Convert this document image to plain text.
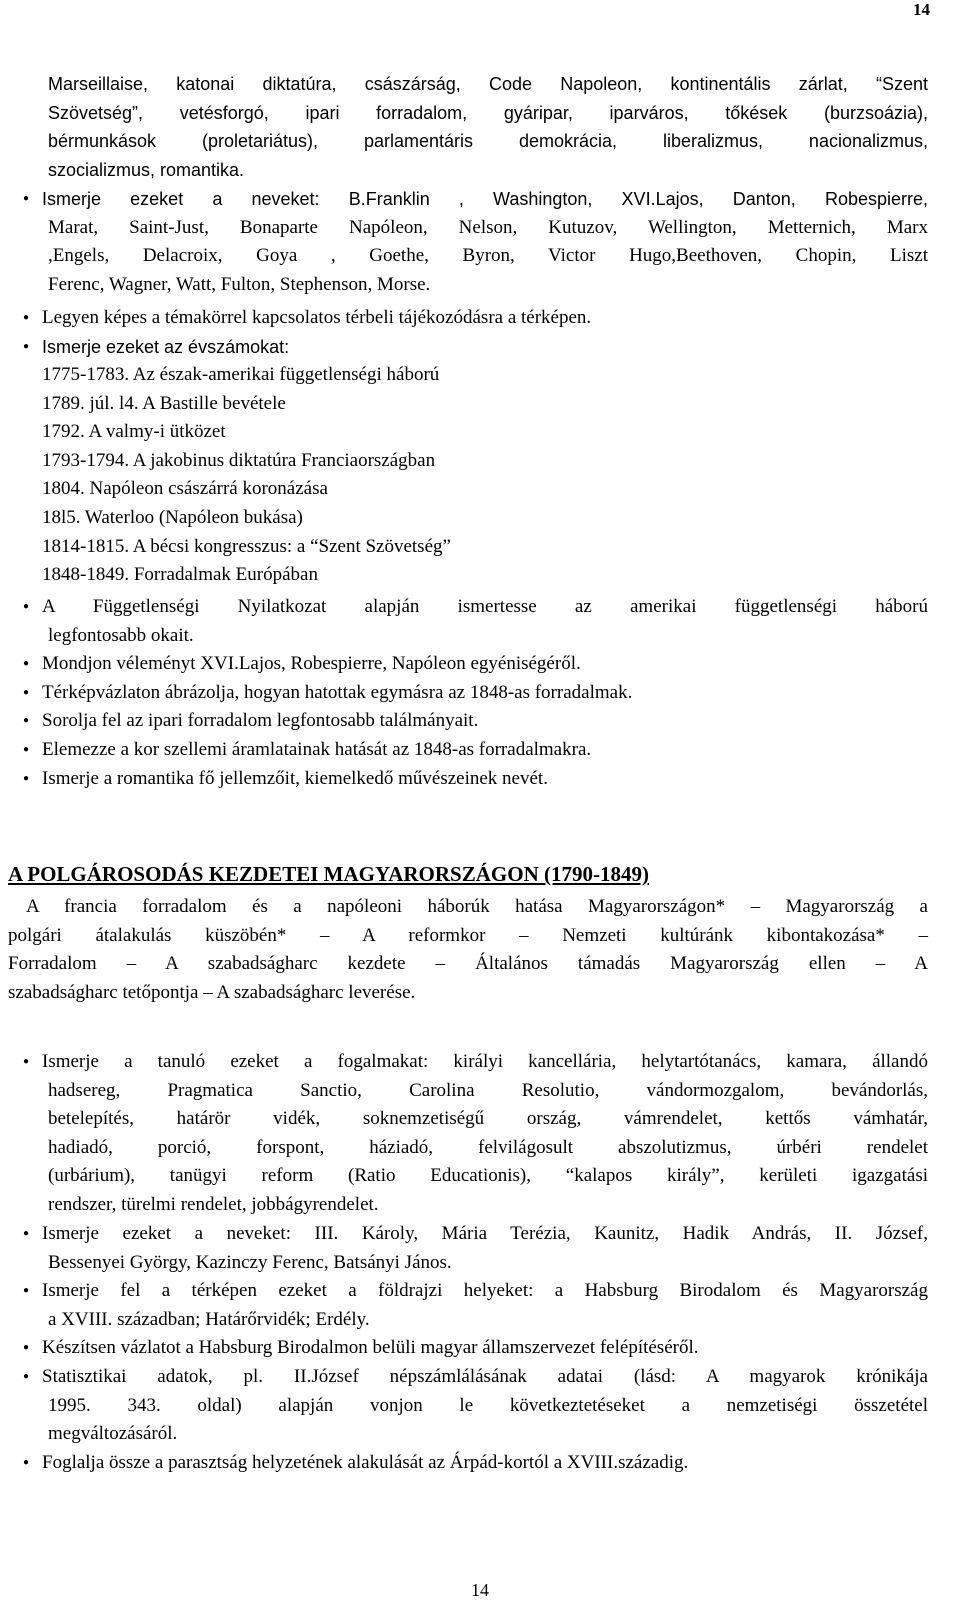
14
Marseillaise, katonai diktatúra, császárság, Code Napoleon, kontinentális zárlat, “Szent
Szövetség”, vetésforgó, ipari forradalom, gyáripar, iparváros, tőkések (burzsoázia),
bérmunkások (proletariátus), parlamentáris demokrácia, liberalizmus, nacionalizmus,
szocializmus, romantika.
● Ismerje ezeket a neveket: B.Franklin , Washington, XVI.Lajos, Danton, Robespierre,
Marat, Saint-Just, Bonaparte Napóleon, Nelson, Kutuzov, Wellington, Metternich, Marx
,Engels, Delacroix, Goya , Goethe, Byron, Victor Hugo,Beethoven, Chopin, Liszt
Ferenc, Wagner, Watt, Fulton, Stephenson, Morse.
● Legyen képes a témakörrel kapcsolatos térbeli tájékozódásra a térképen.
● Ismerje ezeket az évszámokat:
1775-1783. Az észak-amerikai függetlenségi háború
1789. júl. l4. A Bastille bevétele
1792. A valmy-i ütközet
1793-1794. A jakobinus diktatúra Franciaországban
1804. Napóleon császárrá koronázása
18l5. Waterloo (Napóleon bukása)
1814-1815. A bécsi kongresszus: a “Szent Szövetség”
1848-1849. Forradalmak Európában
● A Függetlenségi Nyilatkozat alapján ismertesse az amerikai függetlenségi háború
legfontosabb okait.
● Mondjon véleményt XVI.Lajos, Robespierre, Napóleon egyéniségéről.
● Térképvázlaton ábrázolja, hogyan hatottak egymásra az 1848-as forradalmak.
● Sorolja fel az ipari forradalom legfontosabb találmányait.
● Elemezze a kor szellemi áramlatainak hatását az 1848-as forradalmakra.
● Ismerje a romantika fő jellemzőit, kiemelkedő művészeinek nevét.
A POLGÁROSODÁS KEZDETEI MAGYARORSZÁGON (1790-1849)
A francia forradalom és a napóleoni háborúk hatása Magyarországon* – Magyarország a
polgári átalakulás küszöbén* – A reformkor – Nemzeti kultúránk kibontakozása* –
Forradalom – A szabadságharc kezdete – Általános támadás Magyarország ellen – A
szabadságharc tetőpontja – A szabadságharc leverése.
● Ismerje a tanuló ezeket a fogalmakat: királyi kancellária, helytartótanács, kamara, állandó
hadsereg, Pragmatica Sanctio, Carolina Resolutio, vándormozgalom, bevándorlás,
betelepítés, határör vidék, soknemzetiségű ország, vámrendelet, kettős vámhatár,
hadiadó, porció, forspont, háziadó, felvilágosult abszolutizmus, úrbéri rendelet
(urbárium), tanügyi reform (Ratio Educationis), “kalapos király”, kerületi igazgatási
rendszer, türelmi rendelet, jobbágyrendelet.
● Ismerje ezeket a neveket: III. Károly, Mária Terézia, Kaunitz, Hadik András, II. József,
Bessenyei György, Kazinczy Ferenc, Batsányi János.
● Ismerje fel a térképen ezeket a földrajzi helyeket: a Habsburg Birodalom és Magyarország
a XVIII. században; Határőrvidék; Erdély.
● Készítsen vázlatot a Habsburg Birodalmon belüli magyar államszervezet felépítéséről.
● Statisztikai adatok, pl. II.József népszámlálásának adatai (lásd: A magyarok krónikája
1995. 343. oldal) alapján vonjon le következtetéseket a nemzetiségi összetétel
megváltozásáról.
● Foglalja össze a parasztság helyzetének alakulását az Árpád-kortól a XVIII.századig.
14
